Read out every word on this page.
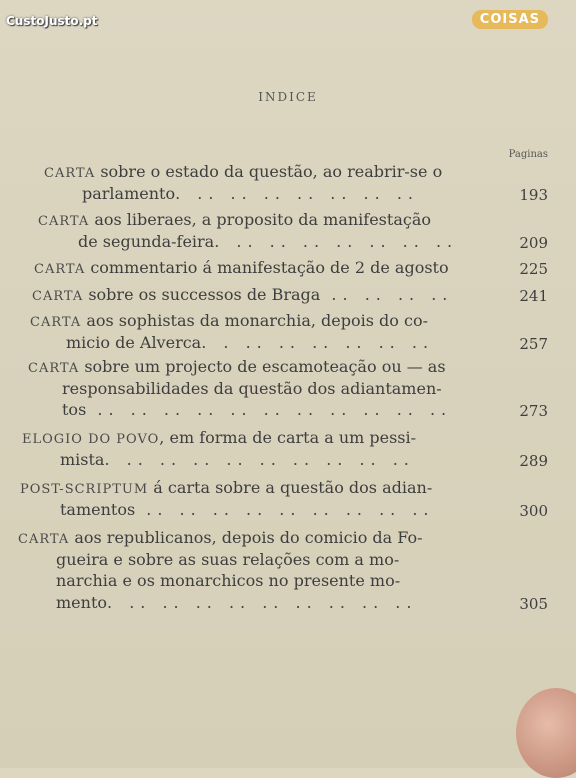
CustoJusto.pt	COISAS
INDICE
Paginas
CARTA sobre o estado da questão, ao reabrir-se o
parlamento. .. .. .. .. .. .. ..	193
CARTA aos liberaes, a proposito da manifestação
de segunda-feira. .. .. .. .. .. .. ..	209
CARTA commentario á manifestação de 2 de agosto	225
CARTA sobre os successos de Braga .. .. .. ..	241
CARTA aos sophistas da monarchia, depois do co-
micio de Alverca. . .. .. .. .. .. ..	257
CARTA sobre um projecto de escamoteação ou — as
responsabilidades da questão dos adiantamen-
tos .. .. .. .. .. .. .. .. .. .. ..	273
ELOGIO DO POVO, em forma de carta a um pessi-
mista. .. .. .. .. .. .. .. .. ..	289
POST-SCRIPTUM á carta sobre a questão dos adian-
tamentos .. .. .. .. .. .. .. .. ..	300
CARTA aos republicanos, depois do comicio da Fo-
gueira e sobre as suas relações com a mo-
narchia e os monarchicos no presente mo-
mento. .. .. .. .. .. .. .. .. ..	305
